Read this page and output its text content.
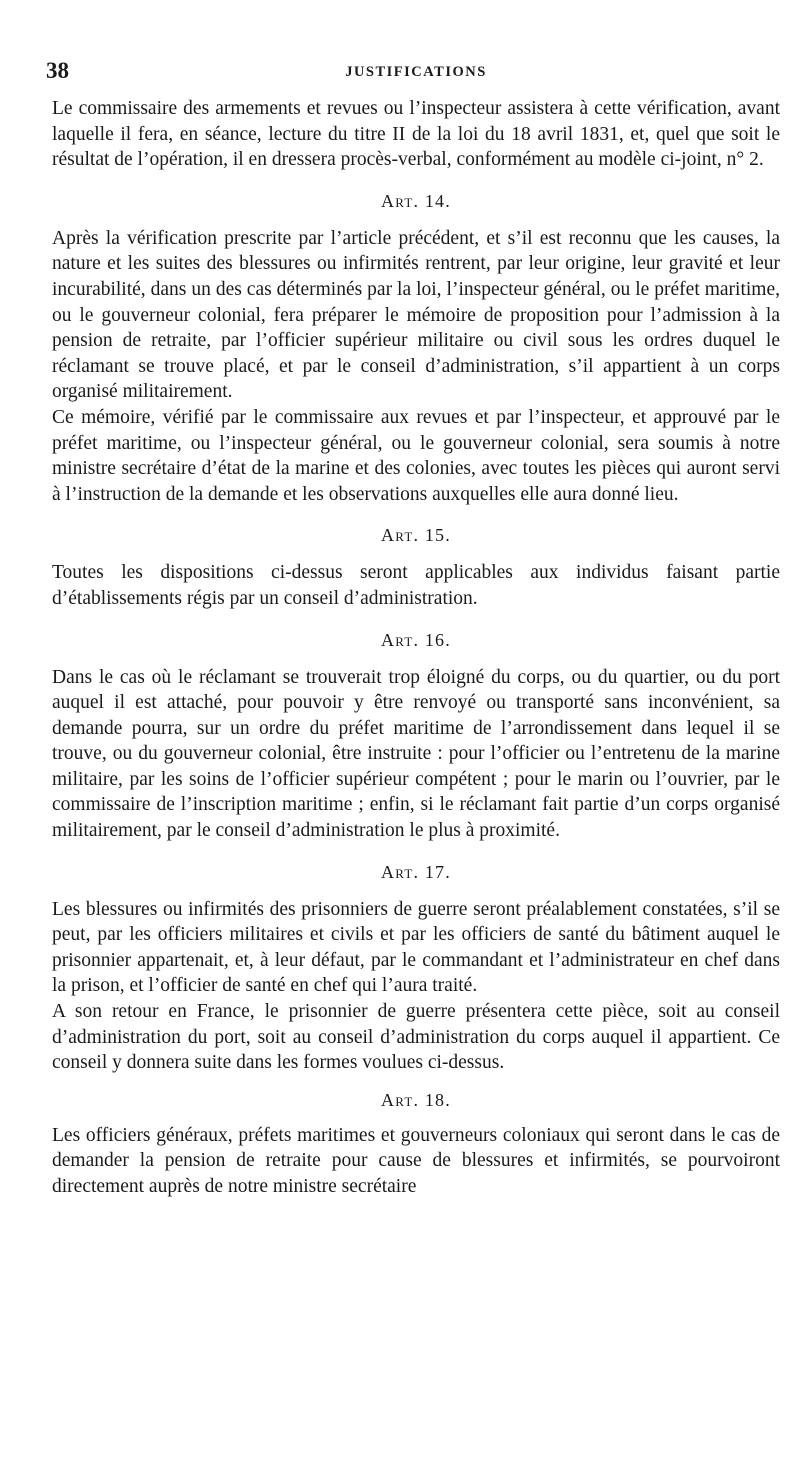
38	JUSTIFICATIONS

Le commissaire des armements et revues ou l’inspecteur assistera à cette vérification, avant laquelle il fera, en séance, lecture du titre II de la loi du 18 avril 1831, et, quel que soit le résultat de l’opération, il en dressera procès-verbal, conformément au modèle ci-joint, n° 2.

Art. 14.

Après la vérification prescrite par l’article précédent, et s’il est reconnu que les causes, la nature et les suites des blessures ou infirmités rentrent, par leur origine, leur gravité et leur incurabilité, dans un des cas déterminés par la loi, l’inspecteur général, ou le préfet maritime, ou le gouverneur colonial, fera préparer le mémoire de proposition pour l’admission à la pension de retraite, par l’officier supérieur militaire ou civil sous les ordres duquel le réclamant se trouve placé, et par le conseil d’administration, s’il appartient à un corps organisé militairement.

Ce mémoire, vérifié par le commissaire aux revues et par l’inspecteur, et approuvé par le préfet maritime, ou l’inspecteur général, ou le gouverneur colonial, sera soumis à notre ministre secrétaire d’état de la marine et des colonies, avec toutes les pièces qui auront servi à l’instruction de la demande et les observations auxquelles elle aura donné lieu.

Art. 15.

Toutes les dispositions ci-dessus seront applicables aux individus faisant partie d’établissements régis par un conseil d’administration.

Art. 16.

Dans le cas où le réclamant se trouverait trop éloigné du corps, ou du quartier, ou du port auquel il est attaché, pour pouvoir y être renvoyé ou transporté sans inconvénient, sa demande pourra, sur un ordre du préfet maritime de l’arrondissement dans lequel il se trouve, ou du gouverneur colonial, être instruite : pour l’officier ou l’entretenu de la marine militaire, par les soins de l’officier supérieur compétent ; pour le marin ou l’ouvrier, par le commissaire de l’inscription maritime ; enfin, si le réclamant fait partie d’un corps organisé militairement, par le conseil d’administration le plus à proximité.

Art. 17.

Les blessures ou infirmités des prisonniers de guerre seront préalablement constatées, s’il se peut, par les officiers militaires et civils et par les officiers de santé du bâtiment auquel le prisonnier appartenait, et, à leur défaut, par le commandant et l’administrateur en chef dans la prison, et l’officier de santé en chef qui l’aura traité.

A son retour en France, le prisonnier de guerre présentera cette pièce, soit au conseil d’administration du port, soit au conseil d’administration du corps auquel il appartient. Ce conseil y donnera suite dans les formes voulues ci-dessus.

Art. 18.

Les officiers généraux, préfets maritimes et gouverneurs coloniaux qui seront dans le cas de demander la pension de retraite pour cause de blessures et infirmités, se pourvoiront directement auprès de notre ministre secrétaire
